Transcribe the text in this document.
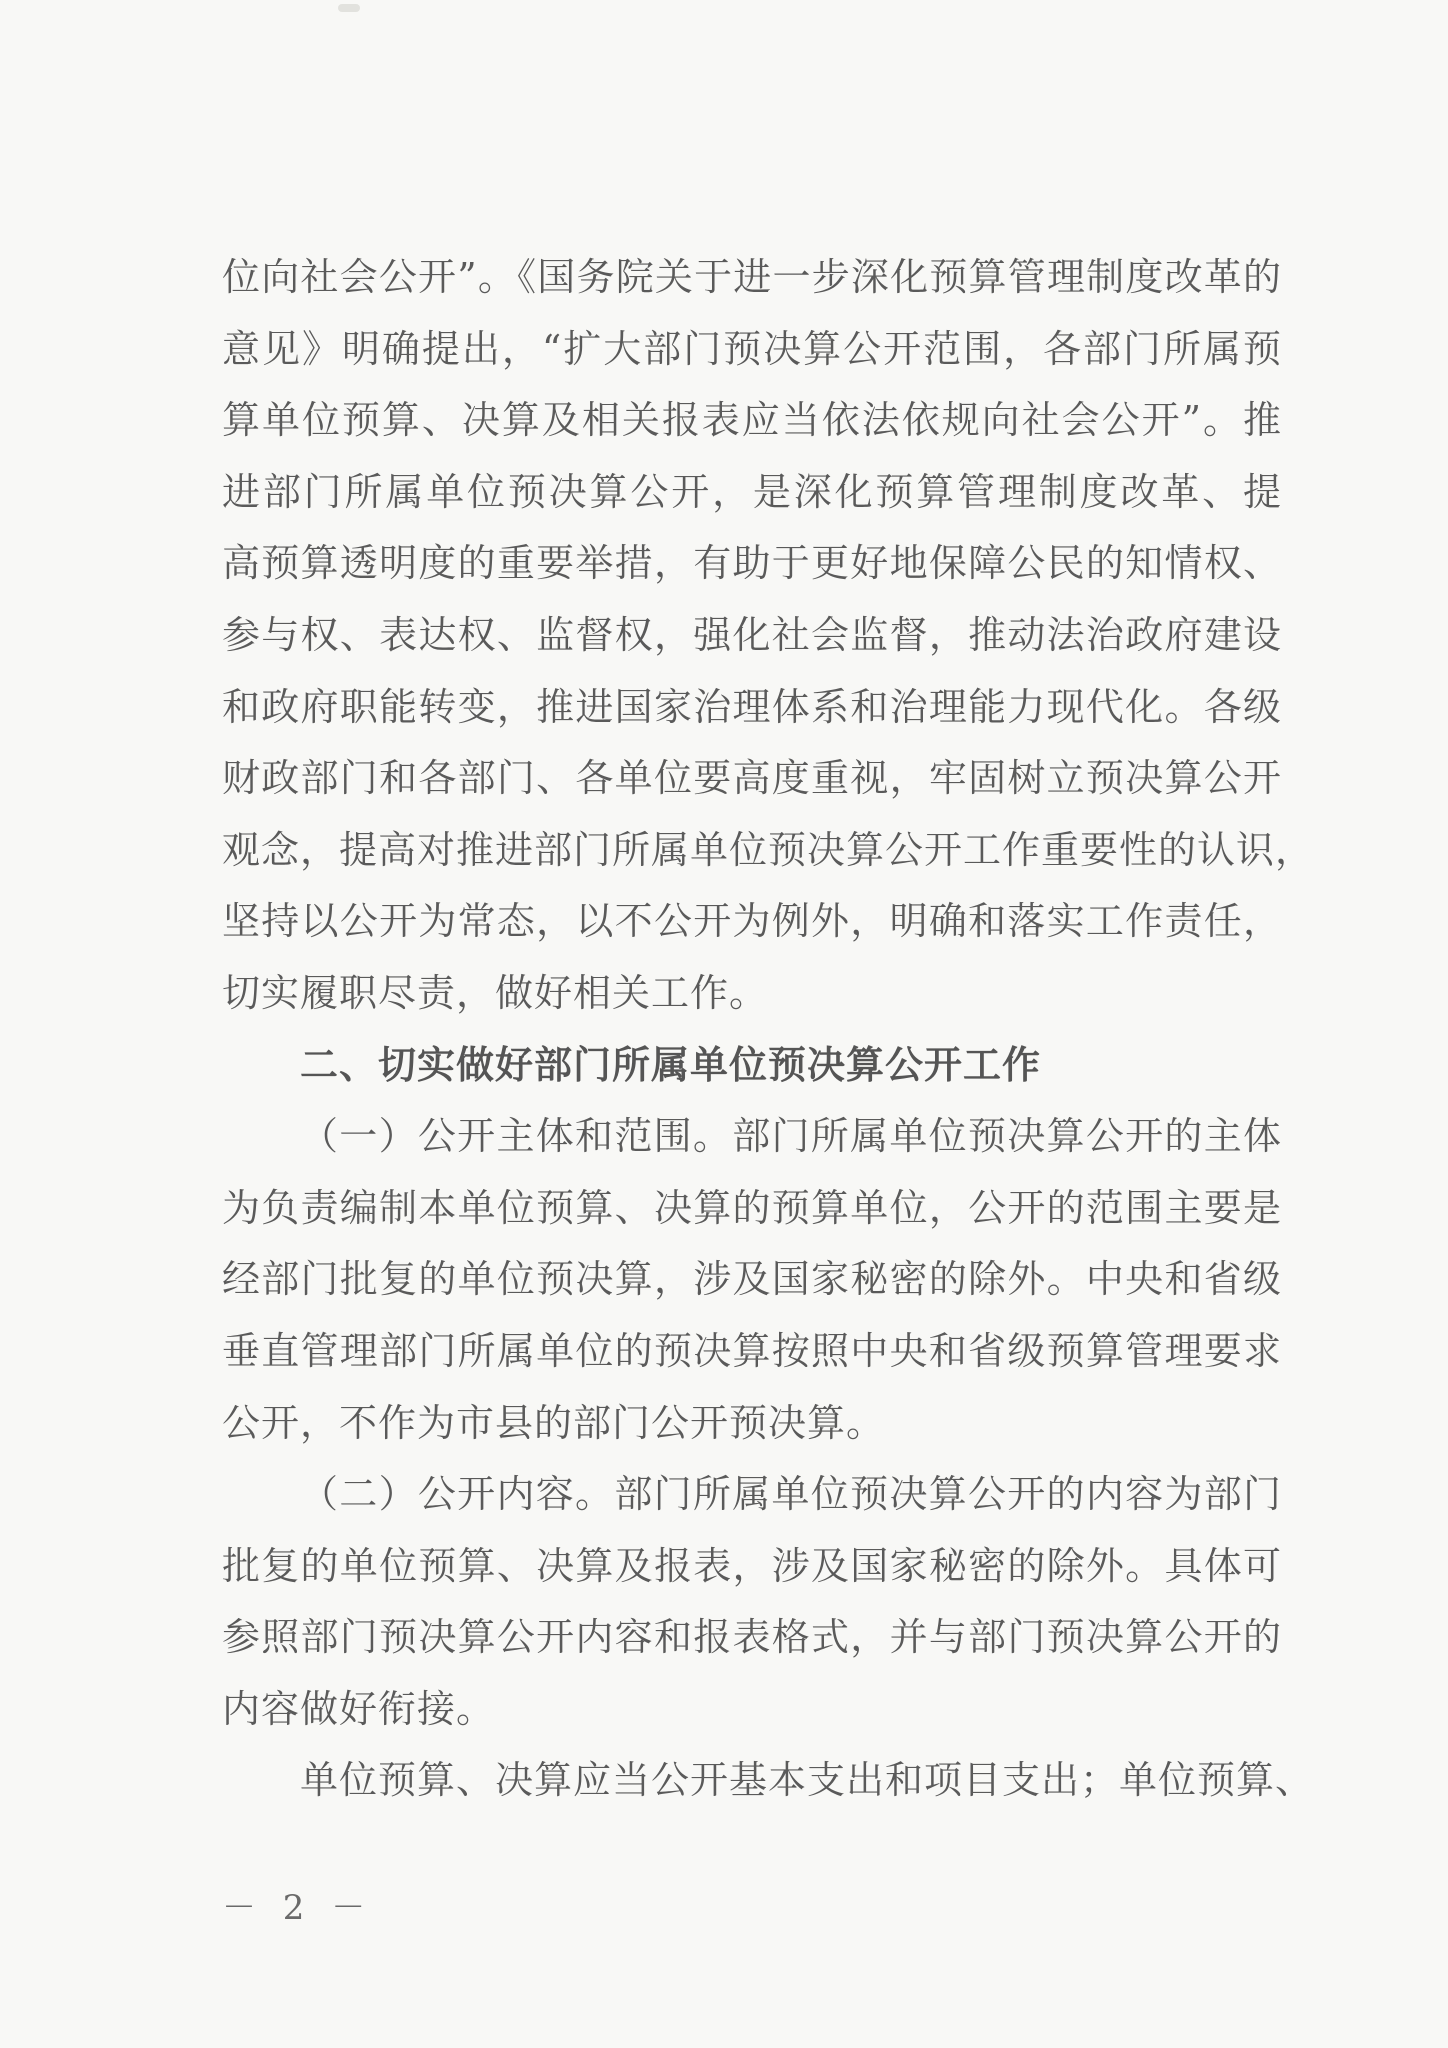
位向社会公开”。《国务院关于进一步深化预算管理制度改革的
意见》明确提出，“扩大部门预决算公开范围，各部门所属预
算单位预算、决算及相关报表应当依法依规向社会公开”。推
进部门所属单位预决算公开，是深化预算管理制度改革、提
高预算透明度的重要举措，有助于更好地保障公民的知情权、
参与权、表达权、监督权，强化社会监督，推动法治政府建设
和政府职能转变，推进国家治理体系和治理能力现代化。各级
财政部门和各部门、各单位要高度重视，牢固树立预决算公开
观念，提高对推进部门所属单位预决算公开工作重要性的认识，
坚持以公开为常态，以不公开为例外，明确和落实工作责任，
切实履职尽责，做好相关工作。
二、切实做好部门所属单位预决算公开工作
（一）公开主体和范围。部门所属单位预决算公开的主体
为负责编制本单位预算、决算的预算单位，公开的范围主要是
经部门批复的单位预决算，涉及国家秘密的除外。中央和省级
垂直管理部门所属单位的预决算按照中央和省级预算管理要求
公开，不作为市县的部门公开预决算。
（二）公开内容。部门所属单位预决算公开的内容为部门
批复的单位预算、决算及报表，涉及国家秘密的除外。具体可
参照部门预决算公开内容和报表格式，并与部门预决算公开的
内容做好衔接。
单位预算、决算应当公开基本支出和项目支出；单位预算、
－ 2 －
